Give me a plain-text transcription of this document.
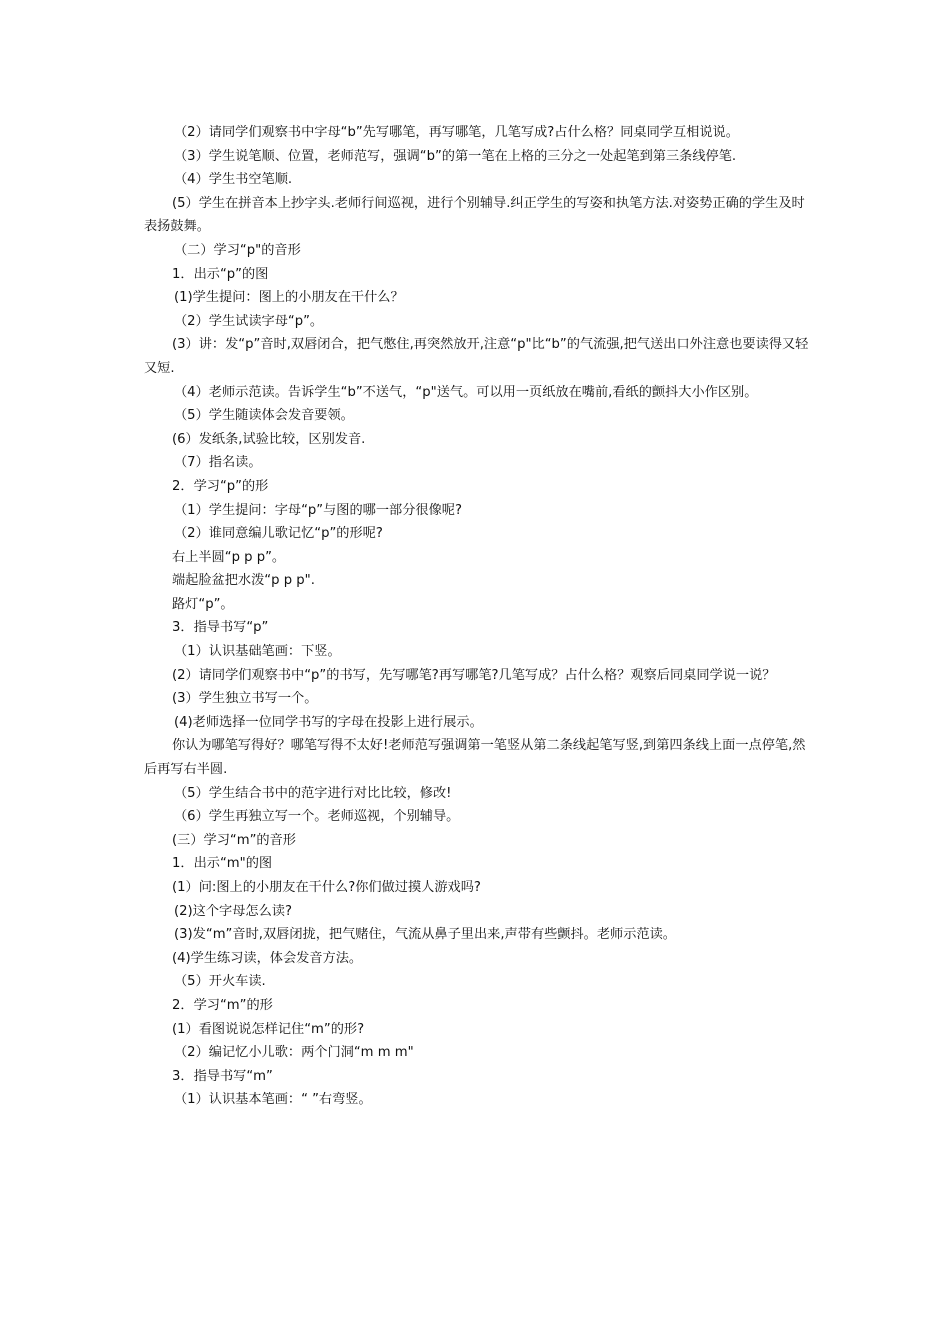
（2）请同学们观察书中字母“b”先写哪笔，再写哪笔，几笔写成?占什么格？同桌同学互相说说。

（3）学生说笔顺、位置，老师范写，强调“b”的第一笔在上格的三分之一处起笔到第三条线停笔.

（4）学生书空笔顺.

(5）学生在拼音本上抄字头.老师行间巡视，进行个别辅导.纠正学生的写姿和执笔方法.对姿势正确的学生及时表扬鼓舞。

（二）学习“p"的音形

1．出示“p”的图

(1)学生提问：图上的小朋友在干什么？

（2）学生试读字母“p”。

(3）讲：发“p”音时,双唇闭合，把气憋住,再突然放开,注意“p"比“b”的气流强,把气送出口外注意也要读得又轻又短.

（4）老师示范读。告诉学生“b”不送气，“p"送气。可以用一页纸放在嘴前,看纸的颤抖大小作区别。

（5）学生随读体会发音要领。

(6）发纸条,试验比较，区别发音.

（7）指名读。

2．学习“p”的形

（1）学生提问：字母“p”与图的哪一部分很像呢?

（2）谁同意编儿歌记忆“p”的形呢?

右上半圆“p p p”。

端起脸盆把水泼“p p p".

路灯“p”。

3．指导书写“p”

（1）认识基础笔画：下竖。

(2）请同学们观察书中“p”的书写，先写哪笔?再写哪笔?几笔写成？占什么格？观察后同桌同学说一说？

(3）学生独立书写一个。

(4)老师选择一位同学书写的字母在投影上进行展示。

你认为哪笔写得好？哪笔写得不太好!老师范写强调第一笔竖从第二条线起笔写竖,到第四条线上面一点停笔,然后再写右半圆.

（5）学生结合书中的范字进行对比比较，修改!

（6）学生再独立写一个。老师巡视，个别辅导。

(三）学习“m”的音形

1．出示“m"的图

(1）问:图上的小朋友在干什么?你们做过摸人游戏吗?

(2)这个字母怎么读?

(3)发“m”音时,双唇闭拢，把气赌住，气流从鼻子里出来,声带有些颤抖。老师示范读。

(4)学生练习读，体会发音方法。

（5）开火车读.

2．学习“m”的形

(1）看图说说怎样记住“m”的形?

（2）编记忆小儿歌：两个门洞“m m m"

3．指导书写“m”

（1）认识基本笔画：“ ”右弯竖。
